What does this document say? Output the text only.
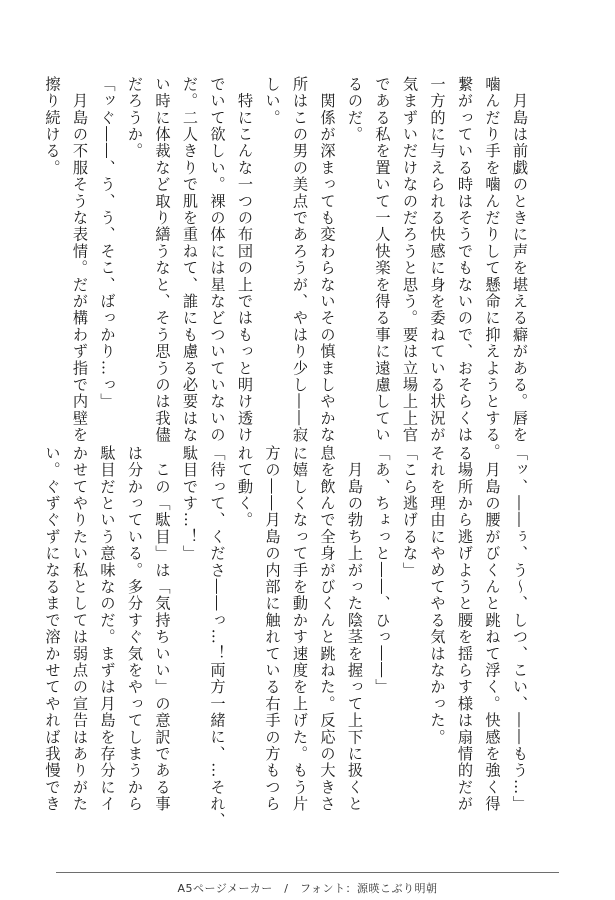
　月島は前戯のときに声を堪える癖がある。唇を
噛んだり手を噛んだりして懸命に抑えようとする。
繋がっている時はそうでもないので、おそらくは
一方的に与えられる快感に身を委ねている状況が
気まずいだけなのだろうと思う。要は立場上上官
である私を置いて一人快楽を得る事に遠慮してい
るのだ。
　関係が深まっても変わらないその慎ましやかな
所はこの男の美点であろうが、やはり少し――寂
しい。
　特にこんな一つの布団の上ではもっと明け透け
でいて欲しい。裸の体には星などついていないの
だ。二人きりで肌を重ねて、誰にも慮る必要はな
い時に体裁など取り繕うなと、そう思うのは我儘
だろうか。
「ッぐ――、う、う、そこ、ばっかり…っ」
　月島の不服そうな表情。だが構わず指で内壁を
擦り続ける。
「ッ、――ぅ、う～、しつ、こい、――もう…」
　月島の腰がびくんと跳ねて浮く。快感を強く得
る場所から逃げようと腰を揺らす様は扇情的だが
それを理由にやめてやる気はなかった。
「こら逃げるな」
「あ、ちょっと――、ひっ――」
　月島の勃ち上がった陰茎を握って上下に扱くと
息を飲んで全身がびくんと跳ねた。反応の大きさ
に嬉しくなって手を動かす速度を上げた。もう片
方の――月島の内部に触れている右手の方もつら
れて動く。
「待って、くださ――っ…！両方一緒に、…それ、
駄目です…！」
　この「駄目」は「気持ちいい」の意訳である事
は分かっている。多分すぐ気をやってしまうから
駄目だという意味なのだ。まずは月島を存分にイ
かせてやりたい私としては弱点の宣告はありがた
い。ぐずぐずになるまで溶かせてやれば我慢でき
A5ページメーカー　/　フォント：源暎こぶり明朝
